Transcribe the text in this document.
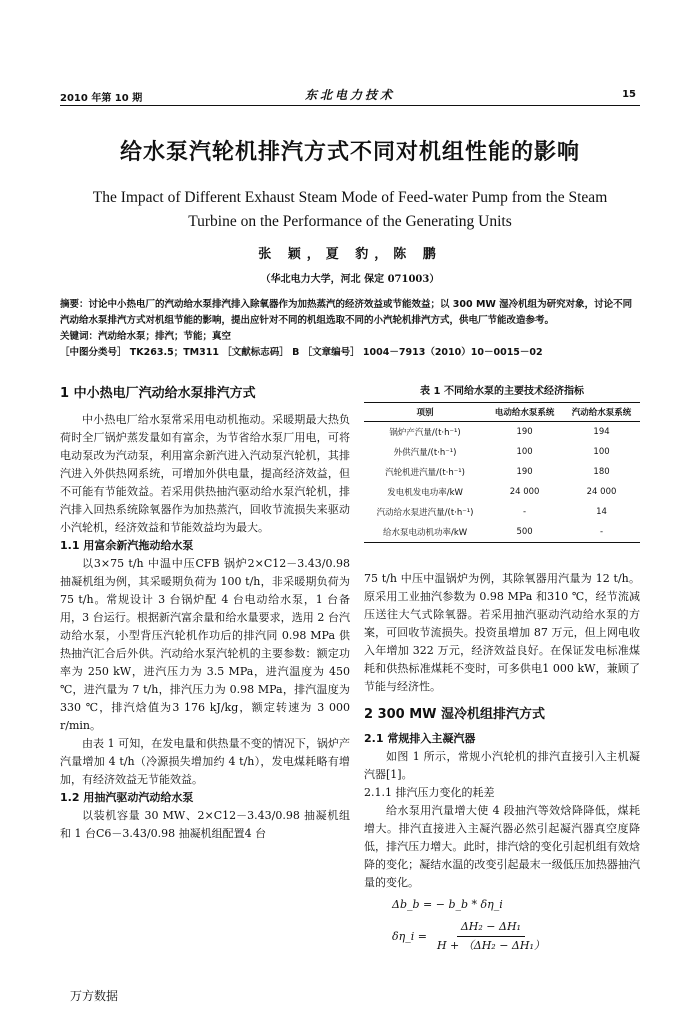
2010 年第 10 期	东北电力技术	15
给水泵汽轮机排汽方式不同对机组性能的影响
The Impact of Different Exhaust Steam Mode of Feed-water Pump from the Steam Turbine on the Performance of the Generating Units
张 颖，夏 豹，陈 鹏
（华北电力大学，河北 保定 071003）

摘要：讨论中小热电厂的汽动给水泵排汽排入除氧器作为加热蒸汽的经济效益或节能效益；以 300 MW 湿冷机组为研究对象，讨论不同汽动给水泵排汽方式对机组节能的影响，提出应针对不同的机组选取不同的小汽轮机排汽方式，供电厂节能改造参考。

关键词：汽动给水泵；排汽；节能；真空

［中图分类号］ TK263.5；TM311 ［文献标志码］ B ［文章编号］ 1004－7913（2010）10－0015－02

1 中小热电厂汽动给水泵排汽方式

中小热电厂给水泵常采用电动机拖动。采暖期最大热负荷时全厂锅炉蒸发量如有富余，为节省给水泵厂用电，可将电动泵改为汽动泵，利用富余新汽进入汽动泵汽轮机，其排汽进入外供热网系统，可增加外供电量，提高经济效益，但不可能有节能效益。若采用供热抽汽驱动给水泵汽轮机，排汽排入回热系统除氧器作为加热蒸汽，回收节流损失来驱动小汽轮机，经济效益和节能效益均为最大。

1.1 用富余新汽拖动给水泵

以3×75 t/h 中温中压CFB 锅炉2×C12－3.43/0.98 抽凝机组为例，其采暖期负荷为 100 t/h，非采暖期负荷为 75 t/h。常规设计 3 台锅炉配 4 台电动给水泵，1 台备用，3 台运行。根据新汽富余量和给水量要求，选用 2 台汽动给水泵，小型背压汽轮机作功后的排汽同 0.98 MPa 供热抽汽汇合后外供。汽动给水泵汽轮机的主要参数：额定功率为 250 kW，进汽压力为 3.5 MPa，进汽温度为 450 ℃，进汽量为 7 t/h，排汽压力为 0.98 MPa，排汽温度为 330 ℃，排汽焓值为3 176 kJ/kg，额定转速为 3 000 r/min。

由表 1 可知，在发电量和供热量不变的情况下，锅炉产汽量增加 4 t/h（冷源损失增加约 4 t/h），发电煤耗略有增加，有经济效益无节能效益。

1.2 用抽汽驱动汽动给水泵

以装机容量 30 MW、2×C12－3.43/0.98 抽凝机组和 1 台C6－3.43/0.98 抽凝机组配置4 台

表 1 不同给水泵的主要技术经济指标
项别	电动给水泵系统	汽动给水泵系统
锅炉产汽量/(t·h⁻¹)	190	194
外供汽量/(t·h⁻¹)	100	100
汽轮机进汽量/(t·h⁻¹)	190	180
发电机发电功率/kW	24 000	24 000
汽动给水泵进汽量/(t·h⁻¹)	-	14
给水泵电动机功率/kW	500	-

75 t/h 中压中温锅炉为例，其除氧器用汽量为 12 t/h。原采用工业抽汽参数为 0.98 MPa 和310 ℃，经节流减压送往大气式除氧器。若采用抽汽驱动汽动给水泵的方案，可回收节流损失。投资虽增加 87 万元，但上网电收入年增加 322 万元，经济效益良好。在保证发电标准煤耗和供热标准煤耗不变时，可多供电1 000 kW，兼顾了节能与经济性。

2 300 MW 湿冷机组排汽方式

2.1 常规排入主凝汽器

如图 1 所示，常规小汽轮机的排汽直接引入主机凝汽器[1]。

2.1.1 排汽压力变化的耗差

给水泵用汽量增大使 4 段抽汽等效焓降降低，煤耗增大。排汽直接进入主凝汽器必然引起凝汽器真空度降低，排汽压力增大。此时，排汽焓的变化引起机组有效焓降的变化；凝结水温的改变引起最末一级低压加热器抽汽量的变化。

Δb_b = − b_b * δη_i
δη_i = $\frac{\text{ΔH₂ − ΔH₁}}{\text{H + （ΔH₂ − ΔH₁）}}$
万方数据
